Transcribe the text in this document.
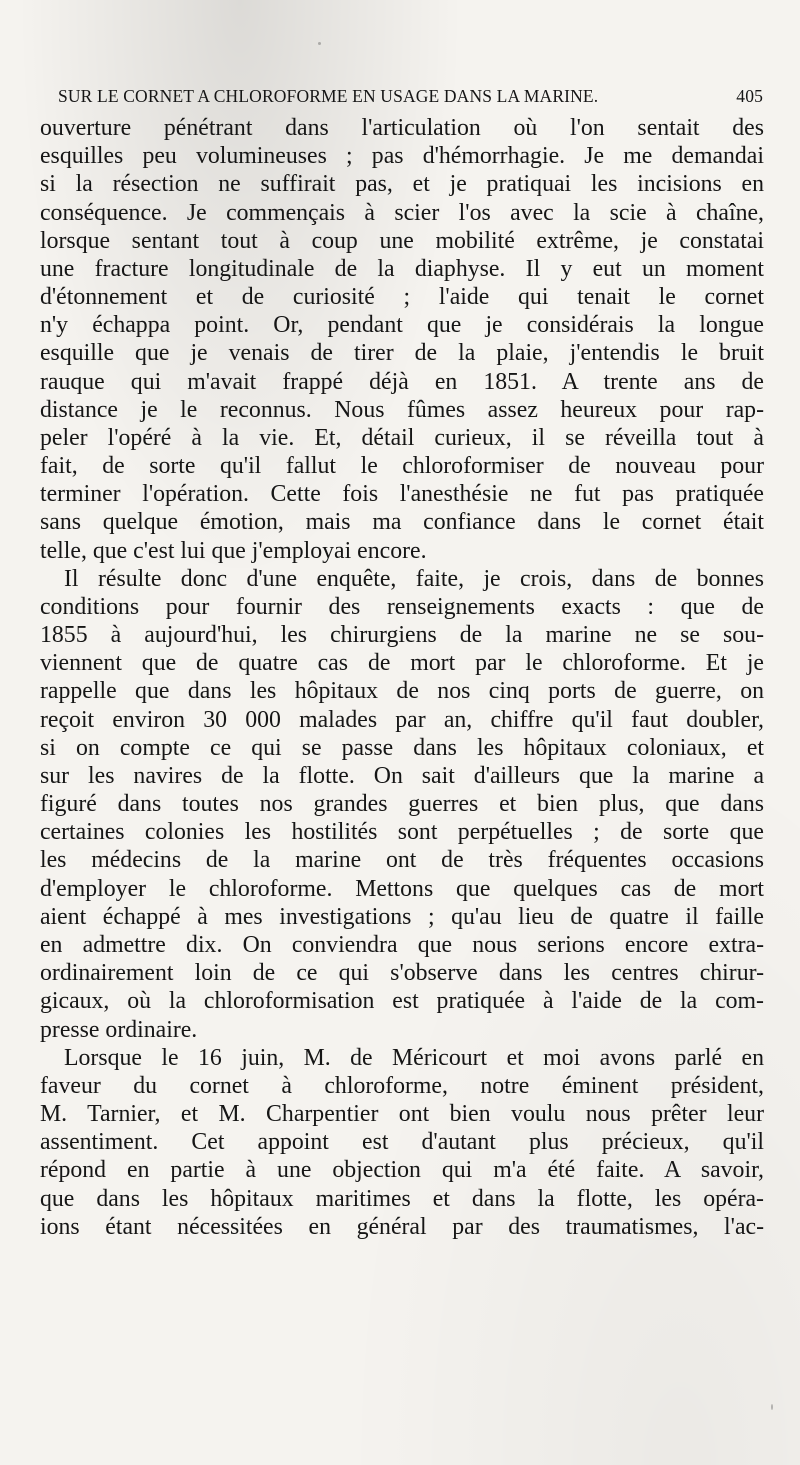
SUR LE CORNET A CHLOROFORME EN USAGE DANS LA MARINE.	405
ouverture pénétrant dans l'articulation où l'on sentait des
esquilles peu volumineuses ; pas d'hémorrhagie. Je me demandai
si la résection ne suffirait pas, et je pratiquai les incisions en
conséquence. Je commençais à scier l'os avec la scie à chaîne,
lorsque sentant tout à coup une mobilité extrême, je constatai
une fracture longitudinale de la diaphyse. Il y eut un moment
d'étonnement et de curiosité ; l'aide qui tenait le cornet
n'y échappa point. Or, pendant que je considérais la longue
esquille que je venais de tirer de la plaie, j'entendis le bruit
rauque qui m'avait frappé déjà en 1851. A trente ans de
distance je le reconnus. Nous fûmes assez heureux pour rap-
peler l'opéré à la vie. Et, détail curieux, il se réveilla tout à
fait, de sorte qu'il fallut le chloroformiser de nouveau pour
terminer l'opération. Cette fois l'anesthésie ne fut pas pratiquée
sans quelque émotion, mais ma confiance dans le cornet était
telle, que c'est lui que j'employai encore.
Il résulte donc d'une enquête, faite, je crois, dans de bonnes
conditions pour fournir des renseignements exacts : que de
1855 à aujourd'hui, les chirurgiens de la marine ne se sou-
viennent que de quatre cas de mort par le chloroforme. Et je
rappelle que dans les hôpitaux de nos cinq ports de guerre, on
reçoit environ 30 000 malades par an, chiffre qu'il faut doubler,
si on compte ce qui se passe dans les hôpitaux coloniaux, et
sur les navires de la flotte. On sait d'ailleurs que la marine a
figuré dans toutes nos grandes guerres et bien plus, que dans
certaines colonies les hostilités sont perpétuelles ; de sorte que
les médecins de la marine ont de très fréquentes occasions
d'employer le chloroforme. Mettons que quelques cas de mort
aient échappé à mes investigations ; qu'au lieu de quatre il faille
en admettre dix. On conviendra que nous serions encore extra-
ordinairement loin de ce qui s'observe dans les centres chirur-
gicaux, où la chloroformisation est pratiquée à l'aide de la com-
presse ordinaire.
Lorsque le 16 juin, M. de Méricourt et moi avons parlé en
faveur du cornet à chloroforme, notre éminent président,
M. Tarnier, et M. Charpentier ont bien voulu nous prêter leur
assentiment. Cet appoint est d'autant plus précieux, qu'il
répond en partie à une objection qui m'a été faite. A savoir,
que dans les hôpitaux maritimes et dans la flotte, les opéra-
ions étant nécessitées en général par des traumatismes, l'ac-
